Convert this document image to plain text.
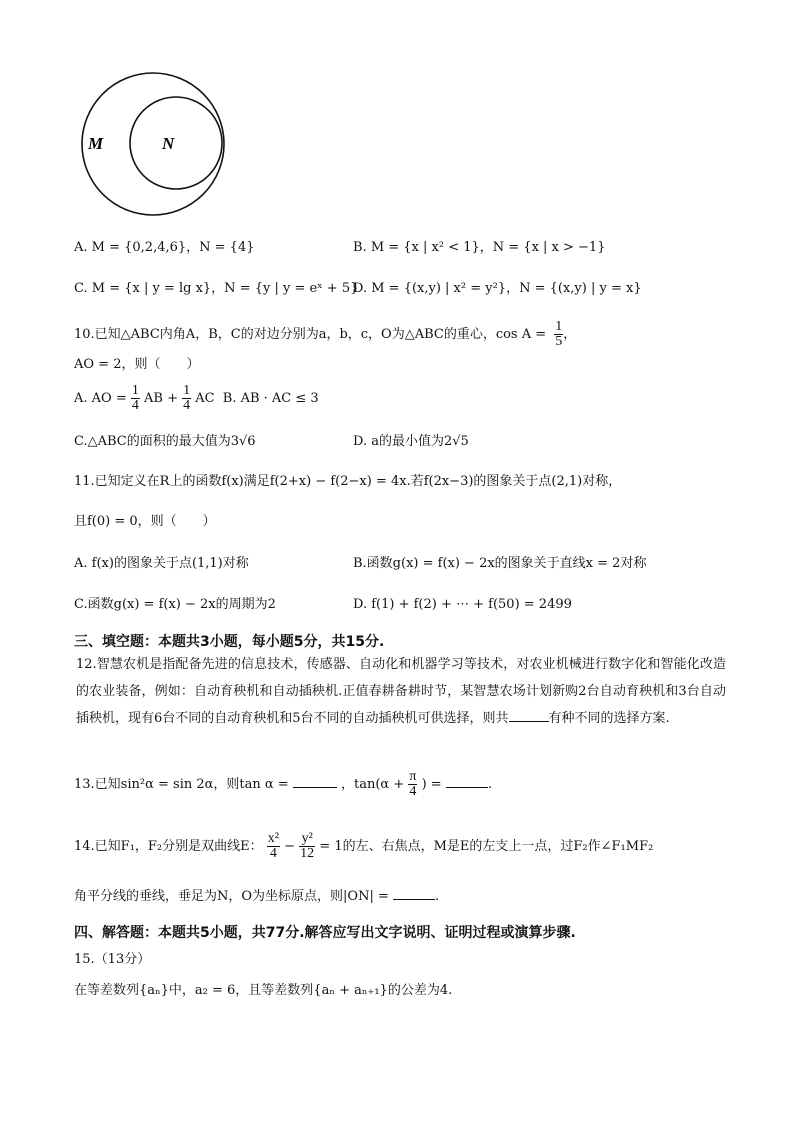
M	N
A. M = {0,2,4,6}，N = {4}	B. M = {x | x² < 1}，N = {x | x > −1}
C. M = {x | y = lg x}，N = {y | y = eˣ + 5}
D. M = {(x,y) | x² = y²}，N = {(x,y) | y = x}
10.已知△ABC内角A，B，C的对边分别为a，b，c，O为△ABC的重心，$\cos A = \frac{1}{5}$ ，
AO = 2，则（　　）
A. AO = $\frac{1}{4}$ AB + $\frac{1}{4}$ AC B. AB · AC ≤ 3
C.△ABC的面积的最大值为3√6	D. a的最小值为2√5
11.已知定义在R上的函数f(x)满足f(2+x) − f(2−x) = 4x.若f(2x−3)的图象关于点(2,1)对称，
且f(0) = 0，则（　　）
A. f(x)的图象关于点(1,1)对称	B.函数g(x) = f(x) − 2x的图象关于直线x = 2对称
C.函数g(x) = f(x) − 2x的周期为2	D. f(1) + f(2) + ⋯ + f(50) = 2499
三、填空题：本题共3小题，每小题5分，共15分.
12.智慧农机是指配备先进的信息技术，传感器、自动化和机器学习等技术，对农业机械进行数字化和智能化改造的农业装备，例如：自动育秧机和自动插秧机.正值春耕备耕时节，某智慧农场计划新购2台自动育秧机和3台自动插秧机，现有6台不同的自动育秧机和5台不同的自动插秧机可供选择，则共	有种不同的选择方案.
13.已知sin²α = sin 2α，则tan α =	，$\tan(\alpha + \frac{\pi}{4}$ ) =	.
14.已知F₁，F₂分别是双曲线E： $\frac{\text{x²}}{4} - \frac{\text{y²}}{12} = 1$的左、右焦点，M是E的左支上一点，过F₂作∠F₁MF₂
角平分线的垂线，垂足为N，O为坐标原点，则|ON| =	.
四、解答题：本题共5小题，共77分.解答应写出文字说明、证明过程或演算步骤.
15.（13分）
在等差数列{aₙ}中，a₂ = 6，且等差数列{aₙ + aₙ₊₁}的公差为4.
